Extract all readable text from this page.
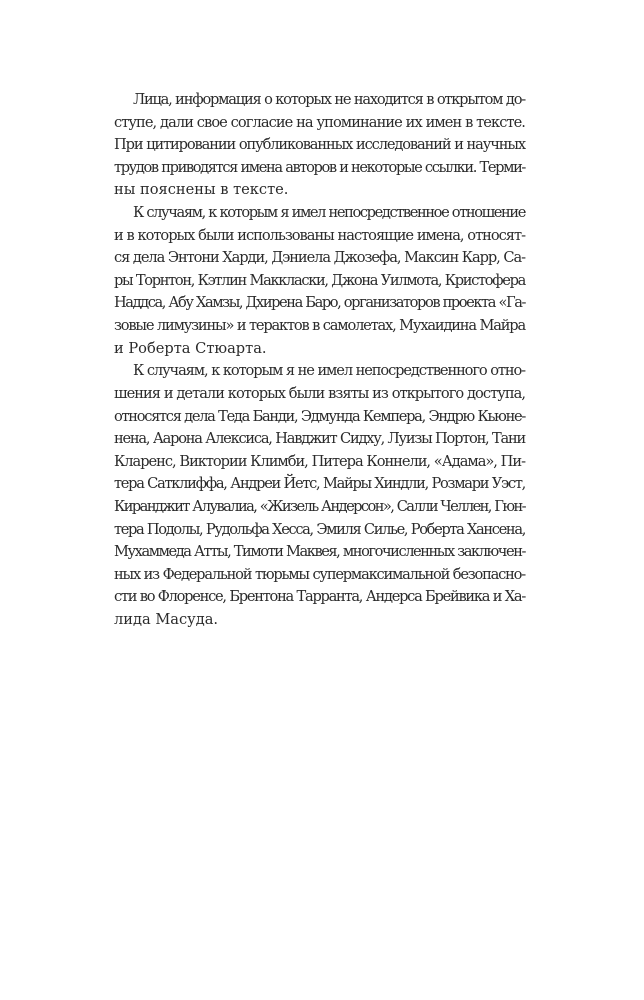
Лица, информация о которых не находится в открытом до-
ступе, дали свое согласие на упоминание их имен в тексте.
При цитировании опубликованных исследований и научных
трудов приводятся имена авторов и некоторые ссылки. Терми-
ны пояснены в тексте.
К случаям, к которым я имел непосредственное отношение
и в которых были использованы настоящие имена, относят-
ся дела Энтони Харди, Дэниела Джозефа, Максин Карр, Са-
ры Торнтон, Кэтлин Маккласки, Джона Уилмота, Кристофера
Наддса, Абу Хамзы, Дхирена Баро, организаторов проекта «Га-
зовые лимузины» и терактов в самолетах, Мухаидина Майра
и Роберта Стюарта.
К случаям, к которым я не имел непосредственного отно-
шения и детали которых были взяты из открытого доступа,
относятся дела Теда Банди, Эдмунда Кемпера, Эндрю Кьюне-
нена, Аарона Алексиса, Навджит Сидху, Луизы Портон, Тани
Кларенс, Виктории Климби, Питера Коннели, «Адама», Пи-
тера Сатклиффа, Андреи Йетс, Майры Хиндли, Розмари Уэст,
Киранджит Алувалиа, «Жизель Андерсон», Салли Челлен, Гюн-
тера Подолы, Рудольфа Хесса, Эмиля Силье, Роберта Хансена,
Мухаммеда Атты, Тимоти Маквея, многочисленных заключен-
ных из Федеральной тюрьмы супермаксимальной безопасно-
сти во Флоренсе, Брентона Тарранта, Андерса Брейвика и Ха-
лида Масуда.
